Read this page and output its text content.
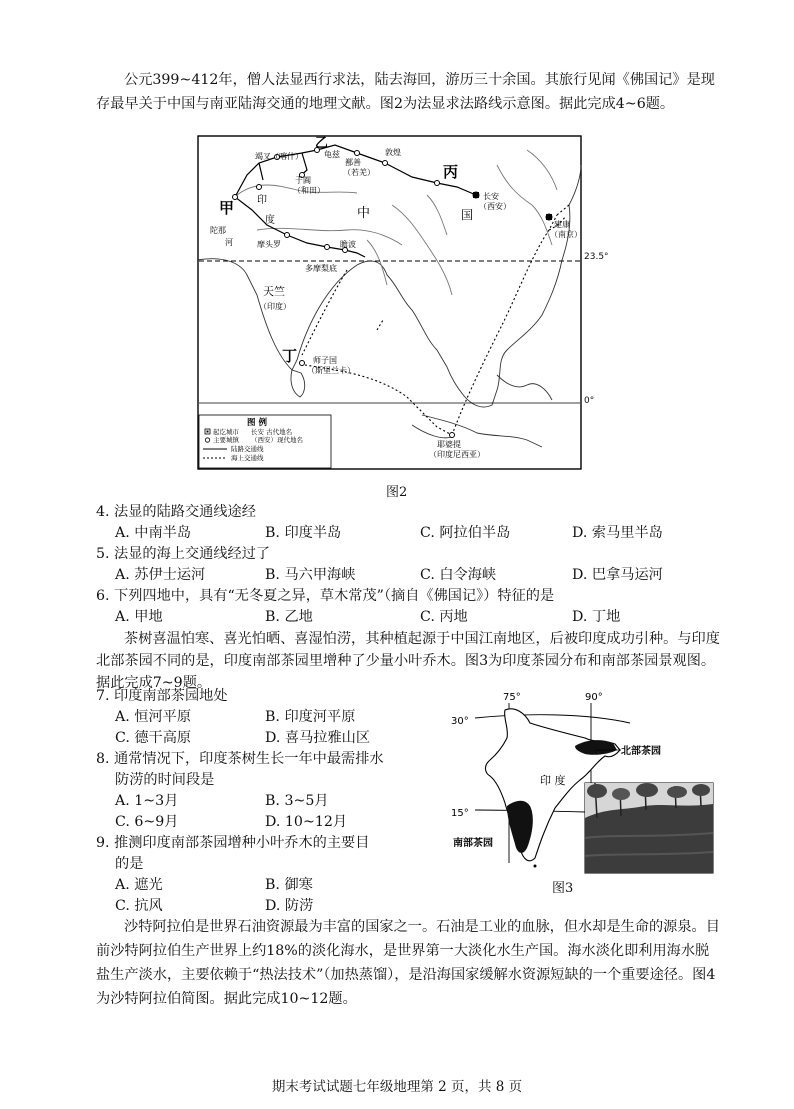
公元399~412年，僧人法显西行求法，陆去海回，游历三十余国。其旅行见闻《佛国记》是现存最早关于中国与南亚陆海交通的地理文献。图2为法显求法路线示意图。据此完成4~6题。
乙
龟兹
竭叉（喀什）	敦煌
于阗
（和田）
鄯善
（若羌）
印
甲
度	中
丙
国
长安
（西安）
建康
（南京）
陀那
河	摩头罗	瞻波
多摩梨底
天竺
（印度）
丁 师子国
（斯里兰卡）
耶婆提
（印度尼西亚）
图 例
起讫城市 长安 古代地名
主要城镇 （西安）现代地名
陆路交通线
海上交通线
23.5°
0°
图2
4. 法显的陆路交通线途经
A. 中南半岛	B. 印度半岛	C. 阿拉伯半岛	D. 索马里半岛
5. 法显的海上交通线经过了
A. 苏伊士运河	B. 马六甲海峡	C. 白令海峡	D. 巴拿马运河
6. 下列四地中，具有“无冬夏之异，草木常茂”（摘自《佛国记》）特征的是
A. 甲地	B. 乙地	C. 丙地	D. 丁地
茶树喜温怕寒、喜光怕晒、喜湿怕涝，其种植起源于中国江南地区，后被印度成功引种。与印度北部茶园不同的是，印度南部茶园里增种了少量小叶乔木。图3为印度茶园分布和南部茶园景观图。据此完成7~9题。
7. 印度南部茶园地处
A. 恒河平原	B. 印度河平原
C. 德干高原	D. 喜马拉雅山区
8. 通常情况下，印度茶树生长一年中最需排水
防涝的时间段是
A. 1~3月	B. 3~5月
C. 6~9月	D. 10~12月
9. 推测印度南部茶园增种小叶乔木的主要目
的是
A. 遮光	B. 御寒
C. 抗风	D. 防涝
75°	90°
30°
15°
印 度
北部茶园
南部茶园
图3
沙特阿拉伯是世界石油资源最为丰富的国家之一。石油是工业的血脉，但水却是生命的源泉。目前沙特阿拉伯生产世界上约18%的淡化海水，是世界第一大淡化水生产国。海水淡化即利用海水脱盐生产淡水，主要依赖于“热法技术”（加热蒸馏），是沿海国家缓解水资源短缺的一个重要途径。图4为沙特阿拉伯简图。据此完成10~12题。
期末考试试题七年级地理第 2 页，共 8 页
